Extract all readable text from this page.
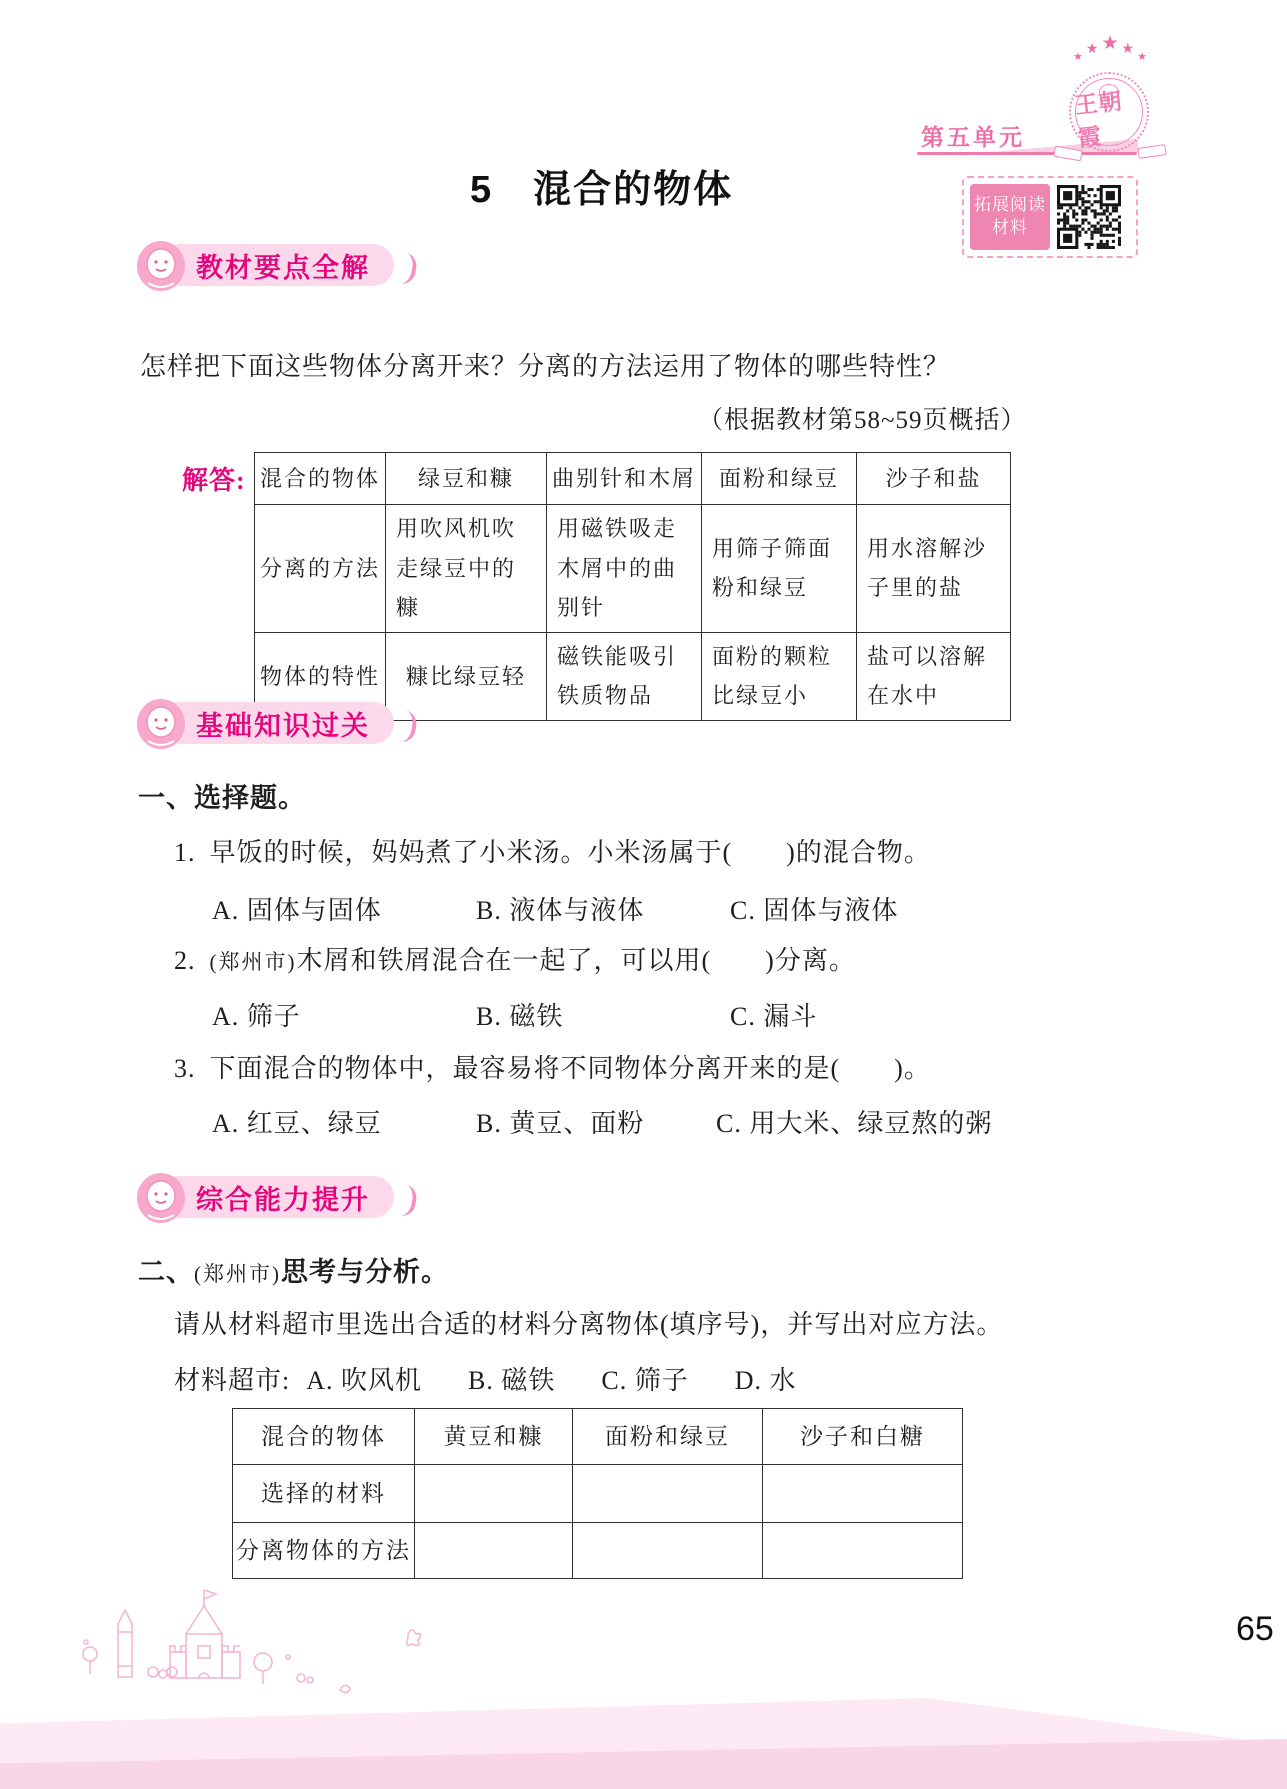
第五单元
★ ★ ★ ★ ★
王朝霞
5　混合的物体	拓展阅读
材料
教材要点全解
怎样把下面这些物体分离开来？分离的方法运用了物体的哪些特性？
（根据教材第58~59页概括）
解答: 混合的物体	绿豆和糠	曲别针和木屑	面粉和绿豆	沙子和盐
分离的方法	用吹风机吹走绿豆中的糠	用磁铁吸走木屑中的曲别针	用筛子筛面粉和绿豆	用水溶解沙子里的盐
物体的特性	糠比绿豆轻	磁铁能吸引铁质物品	面粉的颗粒比绿豆小	盐可以溶解在水中
基础知识过关
一、选择题。
1. 早饭的时候，妈妈煮了小米汤。小米汤属于(　　)的混合物。
A. 固体与固体	B. 液体与液体	C. 固体与液体
2. (郑州市)木屑和铁屑混合在一起了，可以用(　　)分离。
A. 筛子	B. 磁铁	C. 漏斗
3. 下面混合的物体中，最容易将不同物体分离开来的是(　　)。
A. 红豆、绿豆	B. 黄豆、面粉	C. 用大米、绿豆熬的粥
综合能力提升
二、 (郑州市) 思考与分析。
请从材料超市里选出合适的材料分离物体(填序号)，并写出对应方法。
材料超市: A. 吹风机 B. 磁铁 C. 筛子 D. 水
混合的物体	黄豆和糠	面粉和绿豆	沙子和白糖
选择的材料			
分离物体的方法			
65
